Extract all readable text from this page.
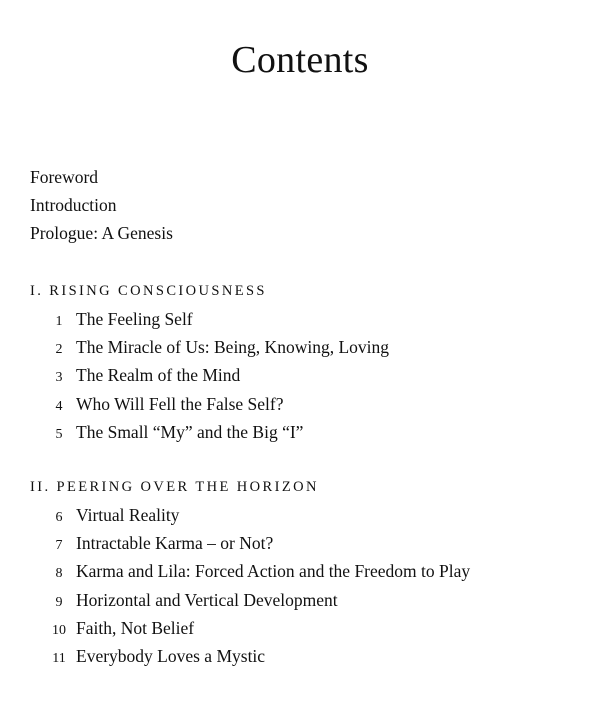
Contents
Foreword
Introduction
Prologue: A Genesis
I. RISING CONSCIOUSNESS
1 The Feeling Self
2 The Miracle of Us: Being, Knowing, Loving
3 The Realm of the Mind
4 Who Will Fell the False Self?
5 The Small “My” and the Big “I”
II. PEERING OVER THE HORIZON
6 Virtual Reality
7 Intractable Karma – or Not?
8 Karma and Lila: Forced Action and the Freedom to Play
9 Horizontal and Vertical Development
10 Faith, Not Belief
11 Everybody Loves a Mystic
